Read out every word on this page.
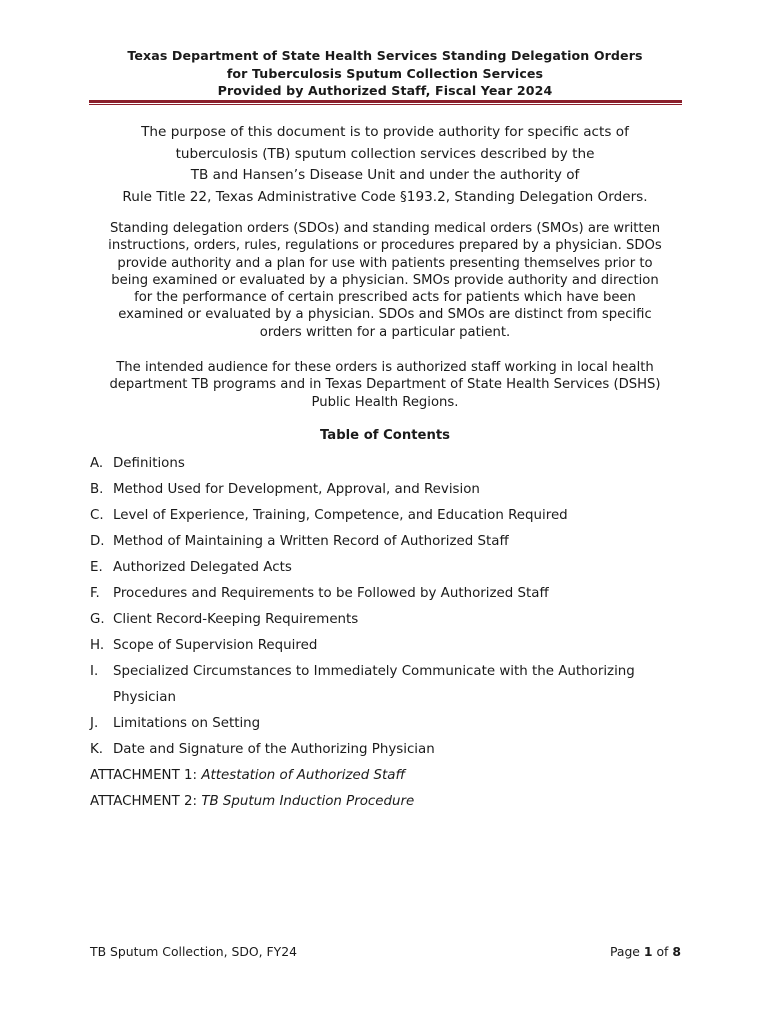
Texas Department of State Health Services Standing Delegation Orders
for Tuberculosis Sputum Collection Services
Provided by Authorized Staff, Fiscal Year 2024
The purpose of this document is to provide authority for specific acts of
tuberculosis (TB) sputum collection services described by the
TB and Hansen’s Disease Unit and under the authority of
Rule Title 22, Texas Administrative Code §193.2, Standing Delegation Orders.
Standing delegation orders (SDOs) and standing medical orders (SMOs) are written
instructions, orders, rules, regulations or procedures prepared by a physician. SDOs
provide authority and a plan for use with patients presenting themselves prior to
being examined or evaluated by a physician. SMOs provide authority and direction
for the performance of certain prescribed acts for patients which have been
examined or evaluated by a physician. SDOs and SMOs are distinct from specific
orders written for a particular patient.
The intended audience for these orders is authorized staff working in local health
department TB programs and in Texas Department of State Health Services (DSHS)
Public Health Regions.
Table of Contents
A. Definitions
B. Method Used for Development, Approval, and Revision
C. Level of Experience, Training, Competence, and Education Required
D. Method of Maintaining a Written Record of Authorized Staff
E. Authorized Delegated Acts
F. Procedures and Requirements to be Followed by Authorized Staff
G. Client Record-Keeping Requirements
H. Scope of Supervision Required
I. Specialized Circumstances to Immediately Communicate with the Authorizing Physician
J. Limitations on Setting
K. Date and Signature of the Authorizing Physician
ATTACHMENT 1: Attestation of Authorized Staff
ATTACHMENT 2: TB Sputum Induction Procedure
TB Sputum Collection, SDO, FY24	Page 1 of 8
